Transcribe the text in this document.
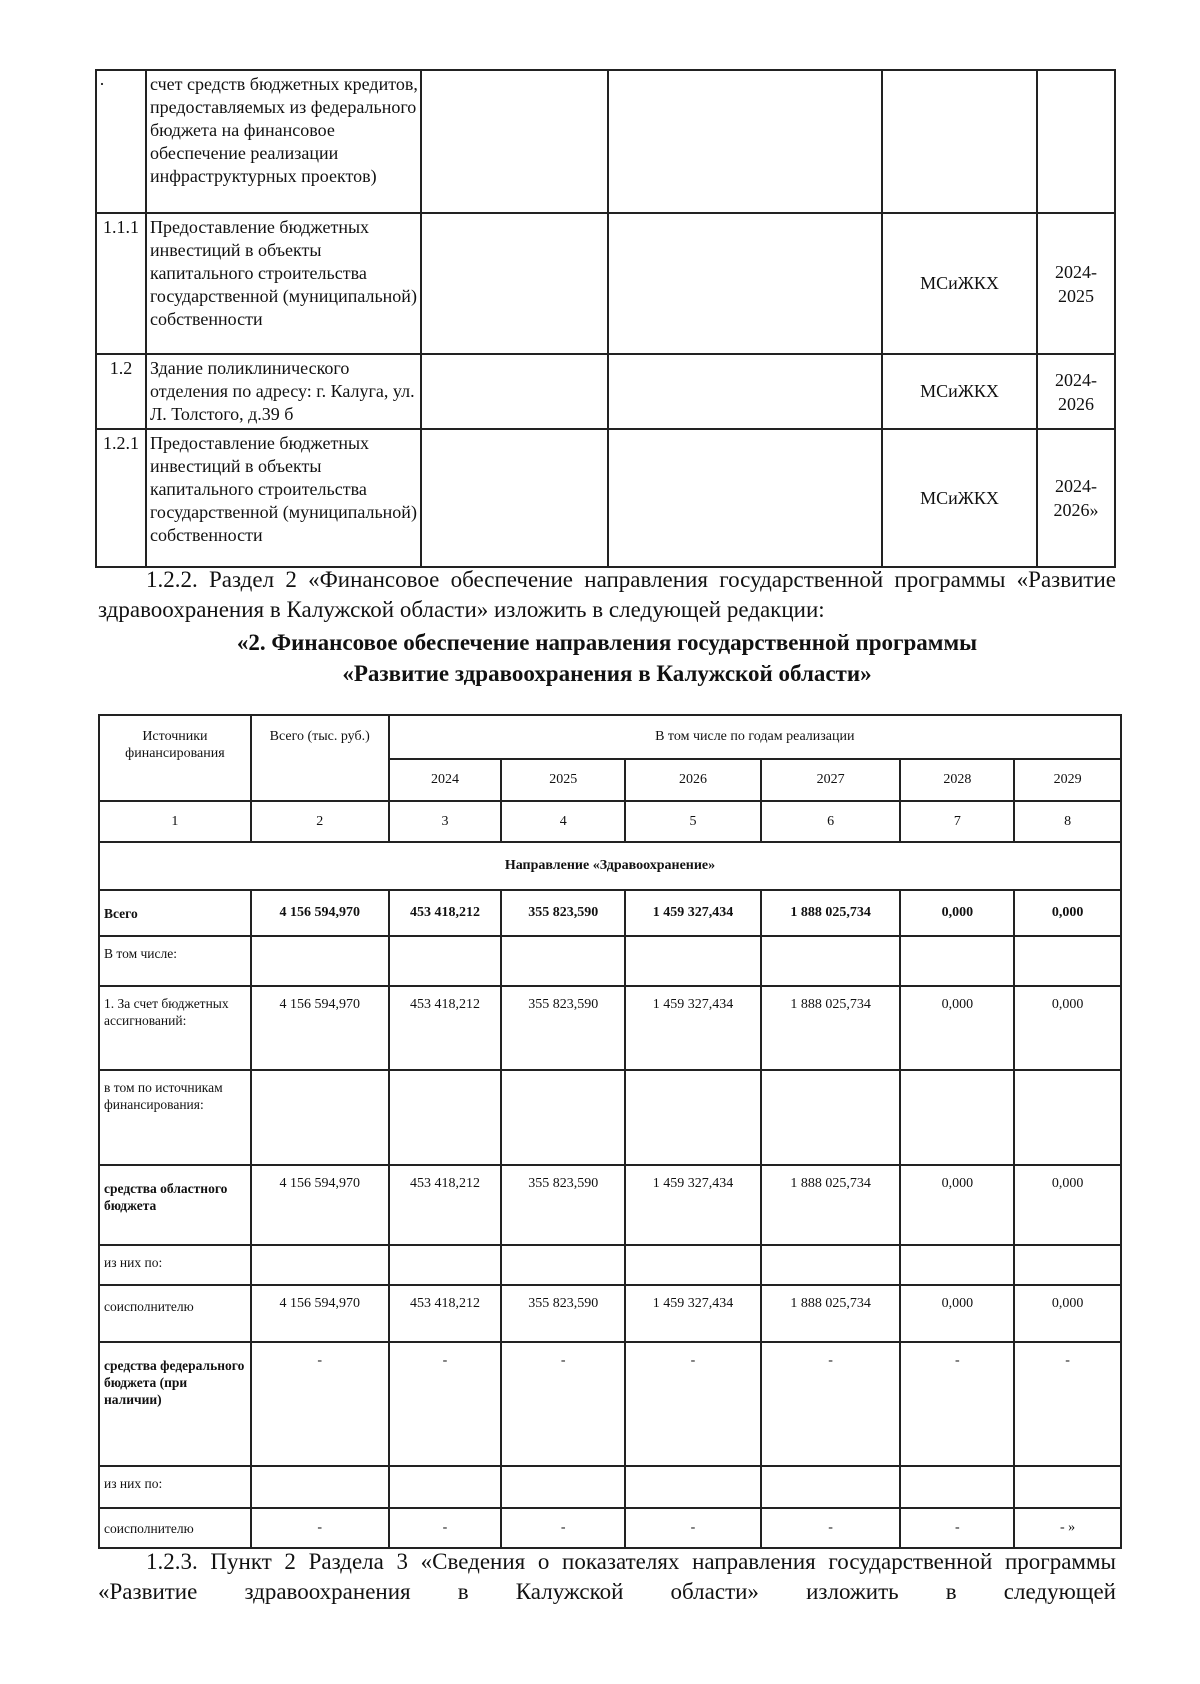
·	счет средств бюджетных кредитов, предоставляемых из федерального бюджета на финансовое обеспечение реализации инфраструктурных проектов)				
1.1.1	Предоставление бюджетных инвестиций в объекты капитального строительства государственной (муниципальной) собственности			МСиЖКХ	2024-2025
1.2	Здание поликлинического отделения по адресу: г. Калуга, ул. Л. Толстого, д.39 б			МСиЖКХ	2024-2026
1.2.1	Предоставление бюджетных инвестиций в объекты капитального строительства государственной (муниципальной) собственности			МСиЖКХ	2024-2026»
1.2.2. Раздел 2 «Финансовое обеспечение направления государственной программы «Развитие здравоохранения в Калужской области» изложить в следующей редакции:
«2. Финансовое обеспечение направления государственной программы
«Развитие здравоохранения в Калужской области»
Источники финансирования	Всего (тыс. руб.)	В том числе по годам реализации					
		2024	2025	2026	2027	2028	2029
1	2	3	4	5	6	7	8
Направление «Здравоохранение»							
Всего	4 156 594,970	453 418,212	355 823,590	1 459 327,434	1 888 025,734	0,000	0,000
В том числе:							
1. За счет бюджетных ассигнований:	4 156 594,970	453 418,212	355 823,590	1 459 327,434	1 888 025,734	0,000	0,000
в том по источникам финансирования:							
средства областного бюджета	4 156 594,970	453 418,212	355 823,590	1 459 327,434	1 888 025,734	0,000	0,000
из них по:							
соисполнителю	4 156 594,970	453 418,212	355 823,590	1 459 327,434	1 888 025,734	0,000	0,000
средства федерального бюджета (при наличии)	-	-	-	-	-	-	-
из них по:							
соисполнителю	-	-	-	-	-	-	- »
1.2.3. Пункт 2 Раздела 3 «Сведения о показателях направления государственной программы «Развитие здравоохранения в Калужской области» изложить в следующей
